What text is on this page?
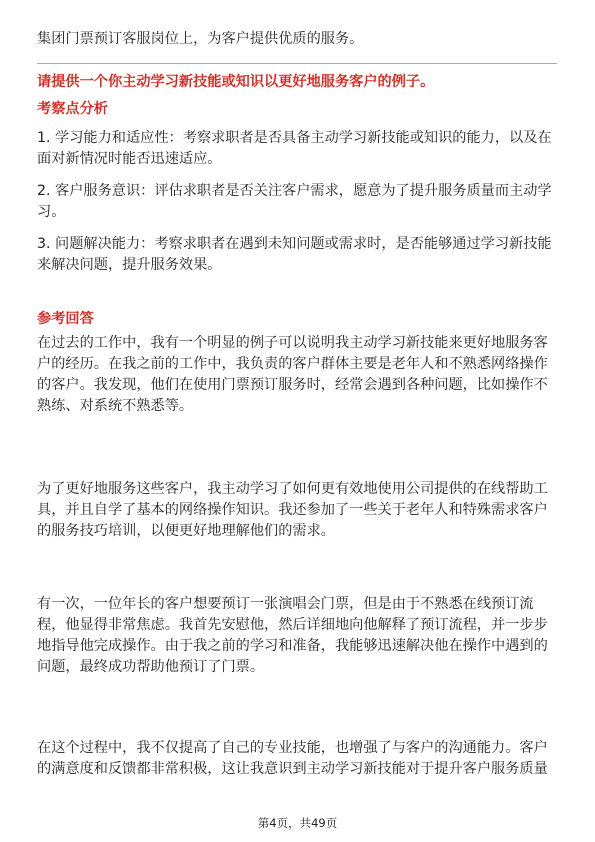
集团门票预订客服岗位上，为客户提供优质的服务。

请提供一个你主动学习新技能或知识以更好地服务客户的例子。
考察点分析

1. 学习能力和适应性：考察求职者是否具备主动学习新技能或知识的能力，以及在

面对新情况时能否迅速适应。

2. 客户服务意识：评估求职者是否关注客户需求，愿意为了提升服务质量而主动学

习。

3. 问题解决能力：考察求职者在遇到未知问题或需求时，是否能够通过学习新技能

来解决问题，提升服务效果。

参考回答

在过去的工作中，我有一个明显的例子可以说明我主动学习新技能来更好地服务客

户的经历。在我之前的工作中，我负责的客户群体主要是老年人和不熟悉网络操作

的客户。我发现，他们在使用门票预订服务时，经常会遇到各种问题，比如操作不

熟练、对系统不熟悉等。

为了更好地服务这些客户，我主动学习了如何更有效地使用公司提供的在线帮助工

具，并且自学了基本的网络操作知识。我还参加了一些关于老年人和特殊需求客户

的服务技巧培训，以便更好地理解他们的需求。

有一次，一位年长的客户想要预订一张演唱会门票，但是由于不熟悉在线预订流

程，他显得非常焦虑。我首先安慰他，然后详细地向他解释了预订流程，并一步步

地指导他完成操作。由于我之前的学习和准备，我能够迅速解决他在操作中遇到的

问题，最终成功帮助他预订了门票。

在这个过程中，我不仅提高了自己的专业技能，也增强了与客户的沟通能力。客户

的满意度和反馈都非常积极，这让我意识到主动学习新技能对于提升客户服务质量

第4页，共49页
